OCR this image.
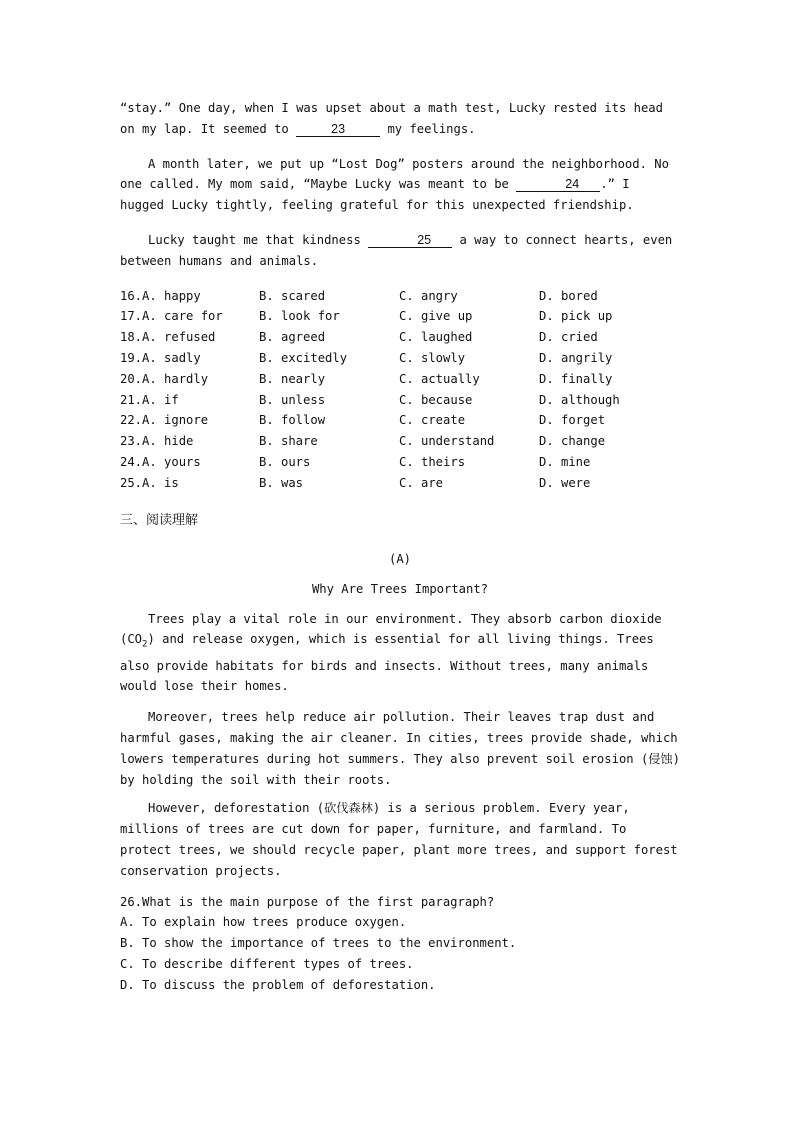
“stay.” One day, when I was upset about a math test, Lucky rested its head on my lap. It seemed to	23	my feelings.

A month later, we put up “Lost Dog” posters around the neighborhood. No one called. My mom said, “Maybe Lucky was meant to be	24 .” I hugged Lucky tightly, feeling grateful for this unexpected friendship.

Lucky taught me that kindness	25 a way to connect hearts, even between humans and animals.

16.A. happy	B. scared	C. angry	D. bored
17.A. care for	B. look for	C. give up	D. pick up
18.A. refused	B. agreed	C. laughed	D. cried
19.A. sadly	B. excitedly	C. slowly	D. angrily
20.A. hardly	B. nearly	C. actually	D. finally
21.A. if	B. unless	C. because	D. although
22.A. ignore	B. follow	C. create	D. forget
23.A. hide	B. share	C. understand	D. change
24.A. yours	B. ours	C. theirs	D. mine
25.A. is	B. was	C. are	D. were
三、阅读理解
(A)
Why Are Trees Important?

Trees play a vital role in our environment. They absorb carbon dioxide $(CO_2)$ and release oxygen, which is essential for all living things. Trees also provide habitats for birds and insects. Without trees, many animals would lose their homes.

Moreover, trees help reduce air pollution. Their leaves trap dust and harmful gases, making the air cleaner. In cities, trees provide shade, which lowers temperatures during hot summers. They also prevent soil erosion (侵蚀) by holding the soil with their roots.

However, deforestation (砍伐森林) is a serious problem. Every year, millions of trees are cut down for paper, furniture, and farmland. To protect trees, we should recycle paper, plant more trees, and support forest conservation projects.

26.What is the main purpose of the first paragraph?
A. To explain how trees produce oxygen.
B. To show the importance of trees to the environment.
C. To describe different types of trees.
D. To discuss the problem of deforestation.
